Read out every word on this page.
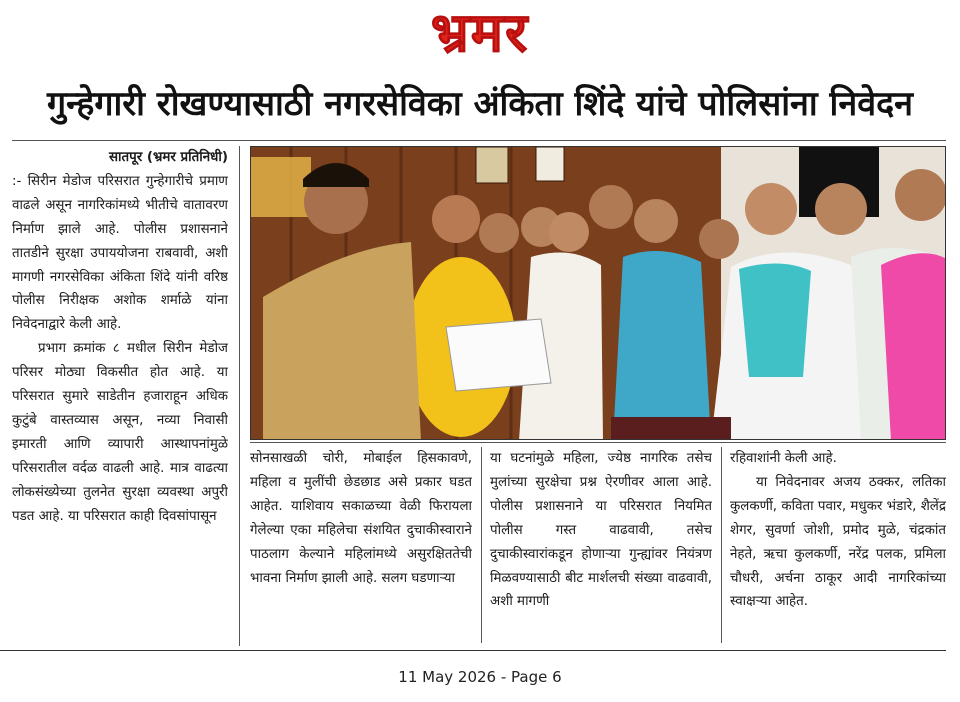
भ्रमर
गुन्हेगारी रोखण्यासाठी नगरसेविका अंकिता शिंदे यांचे पोलिसांना निवेदन

सातपूर (भ्रमर प्रतिनिधी)

:- सिरीन मेडोज परिसरात गुन्हेगारीचे प्रमाण वाढले असून नागरिकांमध्ये भीतीचे वातावरण निर्माण झाले आहे. पोलीस प्रशासनाने तातडीने सुरक्षा उपाययोजना राबवावी, अशी मागणी नगरसेविका अंकिता शिंदे यांनी वरिष्ठ पोलीस निरीक्षक अशोक शर्माळे यांना निवेदनाद्वारे केली आहे.

प्रभाग क्रमांक ८ मधील सिरीन मेडोज परिसर मोठ्या विकसीत होत आहे. या परिसरात सुमारे साडेतीन हजाराहून अधिक कुटुंबे वास्तव्यास असून, नव्या निवासी इमारती आणि व्यापारी आस्थापनांमुळे परिसरातील वर्दळ वाढली आहे. मात्र वाढत्या लोकसंख्येच्या तुलनेत सुरक्षा व्यवस्था अपुरी पडत आहे. या परिसरात काही दिवसांपासून

सोनसाखळी चोरी, मोबाईल हिसकावणे, महिला व मुलींची छेडछाड असे प्रकार घडत आहेत. याशिवाय सकाळच्या वेळी फिरायला गेलेल्या एका महिलेचा संशयित दुचाकीस्वाराने पाठलाग केल्याने महिलांमध्ये असुरक्षिततेची भावना निर्माण झाली आहे. सलग घडणाऱ्या

या घटनांमुळे महिला, ज्येष्ठ नागरिक तसेच मुलांच्या सुरक्षेचा प्रश्न ऐरणीवर आला आहे. पोलीस प्रशासनाने या परिसरात नियमित पोलीस गस्त वाढवावी, तसेच दुचाकीस्वारांकडून होणाऱ्या गुन्ह्यांवर नियंत्रण मिळवण्यासाठी बीट मार्शलची संख्या वाढवावी, अशी मागणी

रहिवाशांनी केली आहे.

या निवेदनावर अजय ठक्कर, लतिका कुलकर्णी, कविता पवार, मधुकर भंडारे, शैलेंद्र शेगर, सुवर्णा जोशी, प्रमोद मुळे, चंद्रकांत नेहते, ऋचा कुलकर्णी, नरेंद्र पलक, प्रमिला चौधरी, अर्चना ठाकूर आदी नागरिकांच्या स्वाक्षऱ्या आहेत.

11 May 2026 - Page 6
